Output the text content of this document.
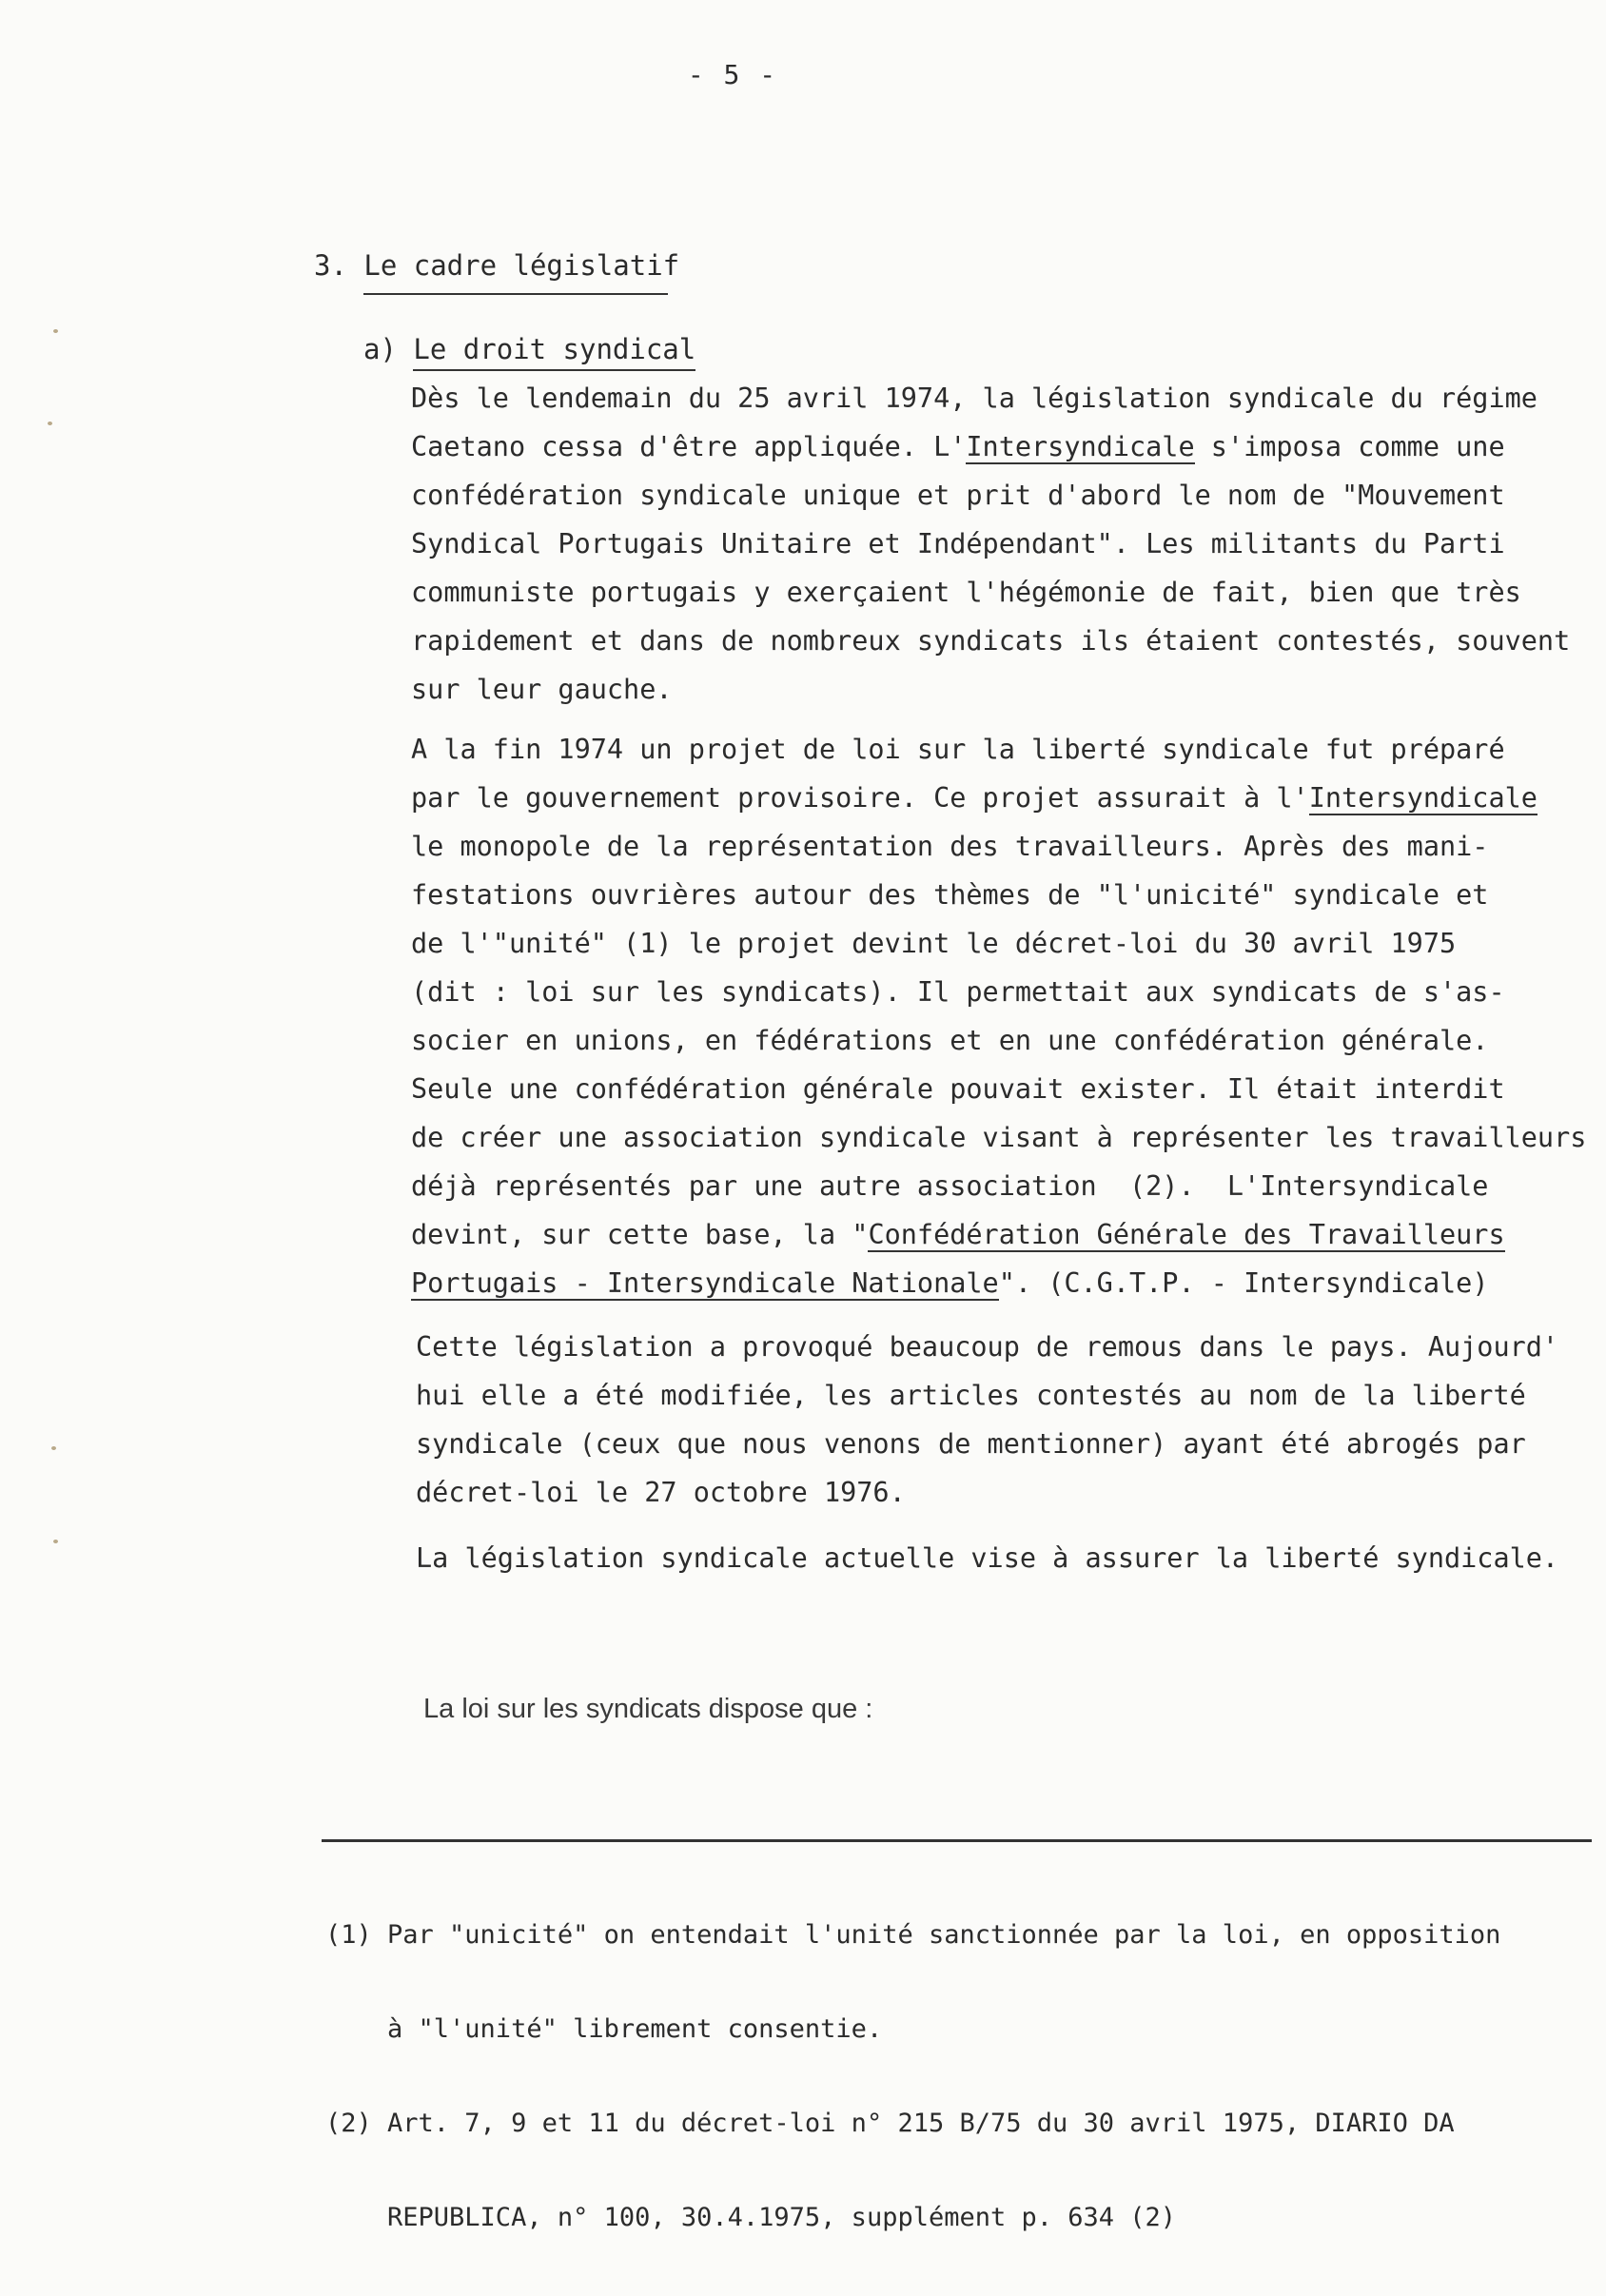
- 5 -
3. Le cadre législatif
a) Le droit syndical
Dès le lendemain du 25 avril 1974, la législation syndicale du régime
Caetano cessa d'être appliquée. L'Intersyndicale s'imposa comme une
confédération syndicale unique et prit d'abord le nom de "Mouvement
Syndical Portugais Unitaire et Indépendant". Les militants du Parti
communiste portugais y exerçaient l'hégémonie de fait, bien que très
rapidement et dans de nombreux syndicats ils étaient contestés, souvent
sur leur gauche.
A la fin 1974 un projet de loi sur la liberté syndicale fut préparé
par le gouvernement provisoire. Ce projet assurait à l'Intersyndicale
le monopole de la représentation des travailleurs. Après des mani-
festations ouvrières autour des thèmes de "l'unicité" syndicale et
de l'"unité" (1) le projet devint le décret-loi du 30 avril 1975
(dit : loi sur les syndicats). Il permettait aux syndicats de s'as-
socier en unions, en fédérations et en une confédération générale.
Seule une confédération générale pouvait exister. Il était interdit
de créer une association syndicale visant à représenter les travailleurs
déjà représentés par une autre association  (2).  L'Intersyndicale
devint, sur cette base, la "Confédération Générale des Travailleurs
Portugais - Intersyndicale Nationale". (C.G.T.P. - Intersyndicale)
Cette législation a provoqué beaucoup de remous dans le pays. Aujourd'
hui elle a été modifiée, les articles contestés au nom de la liberté
syndicale (ceux que nous venons de mentionner) ayant été abrogés par
décret-loi le 27 octobre 1976.
La législation syndicale actuelle vise à assurer la liberté syndicale.
La loi sur les syndicats dispose que :

(1) Par "unicité" on entendait l'unité sanctionnée par la loi, en opposition

à "l'unité" librement consentie.

(2) Art. 7, 9 et 11 du décret-loi n° 215 B/75 du 30 avril 1975, DIARIO DA

REPUBLICA, n° 100, 30.4.1975, supplément p. 634 (2)
